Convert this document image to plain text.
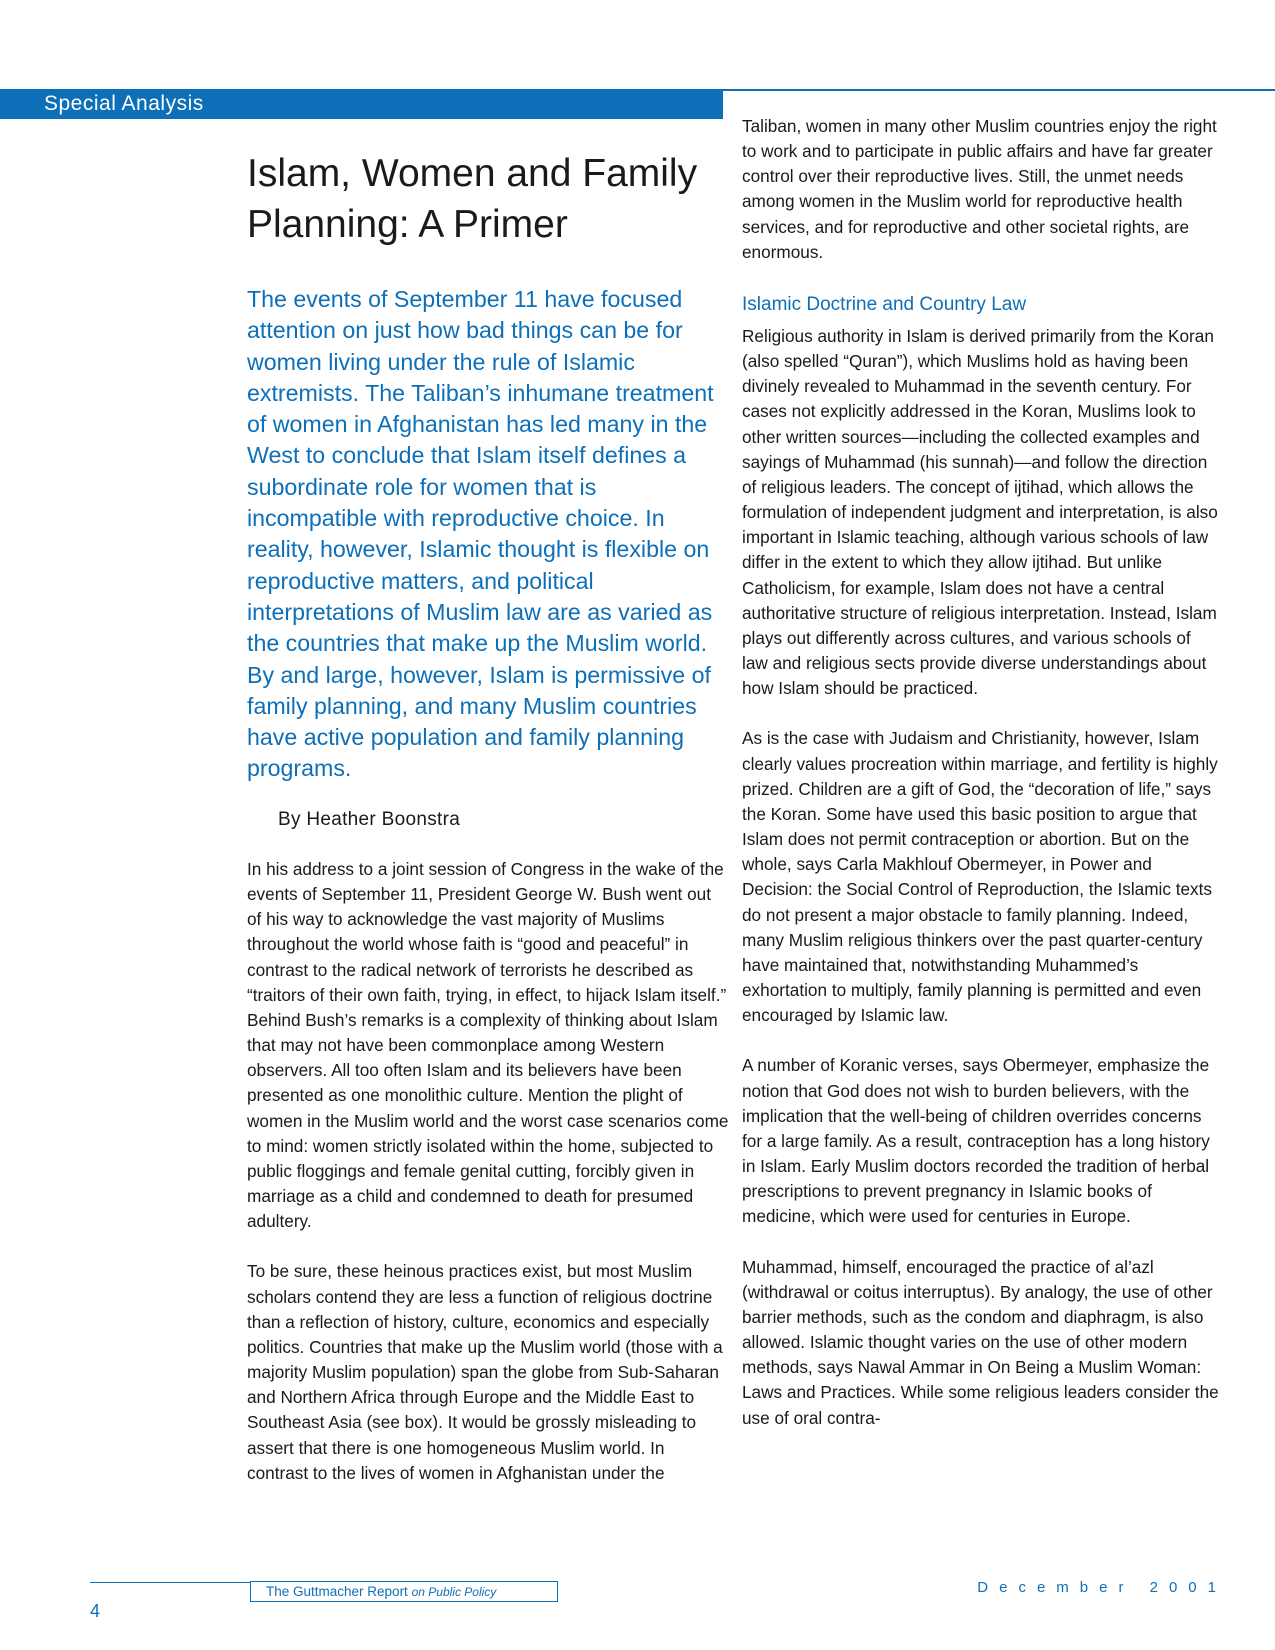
Special Analysis
Islam, Women and Family Planning: A Primer

The events of September 11 have focused attention on just how bad things can be for women living under the rule of Islamic extremists. The Taliban’s inhumane treatment of women in Afghanistan has led many in the West to conclude that Islam itself defines a subordinate role for women that is incompatible with reproductive choice. In reality, however, Islamic thought is flexible on reproductive matters, and political interpretations of Muslim law are as varied as the countries that make up the Muslim world. By and large, however, Islam is permissive of family planning, and many Muslim countries have active population and family planning programs.

By Heather Boonstra

In his address to a joint session of Congress in the wake of the events of September 11, President George W. Bush went out of his way to acknowledge the vast majority of Muslims throughout the world whose faith is “good and peaceful” in contrast to the radical network of terrorists he described as “traitors of their own faith, trying, in effect, to hijack Islam itself.” Behind Bush’s remarks is a complexity of thinking about Islam that may not have been commonplace among Western observers. All too often Islam and its believers have been presented as one monolithic culture. Mention the plight of women in the Muslim world and the worst case scenarios come to mind: women strictly isolated within the home, subjected to public floggings and female genital cutting, forcibly given in marriage as a child and condemned to death for presumed adultery.

To be sure, these heinous practices exist, but most Muslim scholars contend they are less a function of religious doctrine than a reflection of history, culture, economics and especially politics. Countries that make up the Muslim world (those with a majority Muslim population) span the globe from Sub-Saharan and Northern Africa through Europe and the Middle East to Southeast Asia (see box). It would be grossly misleading to assert that there is one homogeneous Muslim world. In contrast to the lives of women in Afghanistan under the

Taliban, women in many other Muslim countries enjoy the right to work and to participate in public affairs and have far greater control over their reproductive lives. Still, the unmet needs among women in the Muslim world for reproductive health services, and for reproductive and other societal rights, are enormous.

Islamic Doctrine and Country Law

Religious authority in Islam is derived primarily from the Koran (also spelled “Quran”), which Muslims hold as having been divinely revealed to Muhammad in the seventh century. For cases not explicitly addressed in the Koran, Muslims look to other written sources—including the collected examples and sayings of Muhammad (his sunnah)—and follow the direction of religious leaders. The concept of ijtihad, which allows the formulation of independent judgment and interpretation, is also important in Islamic teaching, although various schools of law differ in the extent to which they allow ijtihad. But unlike Catholicism, for example, Islam does not have a central authoritative structure of religious interpretation. Instead, Islam plays out differently across cultures, and various schools of law and religious sects provide diverse understandings about how Islam should be practiced.

As is the case with Judaism and Christianity, however, Islam clearly values procreation within marriage, and fertility is highly prized. Children are a gift of God, the “decoration of life,” says the Koran. Some have used this basic position to argue that Islam does not permit contraception or abortion. But on the whole, says Carla Makhlouf Obermeyer, in Power and Decision: the Social Control of Reproduction, the Islamic texts do not present a major obstacle to family planning. Indeed, many Muslim religious thinkers over the past quarter-century have maintained that, notwithstanding Muhammed’s exhortation to multiply, family planning is permitted and even encouraged by Islamic law.

A number of Koranic verses, says Obermeyer, emphasize the notion that God does not wish to burden believers, with the implication that the well-being of children overrides concerns for a large family. As a result, contraception has a long history in Islam. Early Muslim doctors recorded the tradition of herbal prescriptions to prevent pregnancy in Islamic books of medicine, which were used for centuries in Europe.

Muhammad, himself, encouraged the practice of al’azl (withdrawal or coitus interruptus). By analogy, the use of other barrier methods, such as the condom and diaphragm, is also allowed. Islamic thought varies on the use of other modern methods, says Nawal Ammar in On Being a Muslim Woman: Laws and Practices. While some religious leaders consider the use of oral contra-

The Guttmacher Report on Public Policy	December 2001
4
